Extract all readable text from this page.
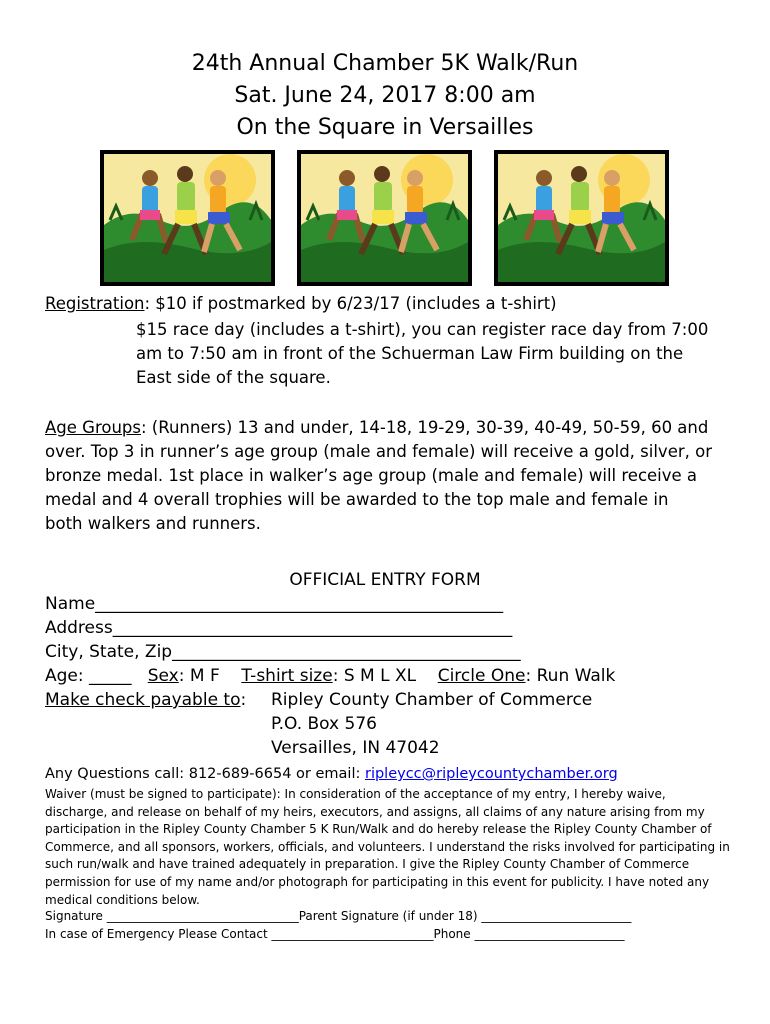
24th Annual Chamber 5K Walk/Run
Sat. June 24, 2017 8:00 am
On the Square in Versailles
Registration: $10 if postmarked by 6/23/17 (includes a t-shirt)
$15 race day (includes a t-shirt), you can register race day from 7:00
am to 7:50 am in front of the Schuerman Law Firm building on the
East side of the square.
Age Groups: (Runners) 13 and under, 14-18, 19-29, 30-39, 40-49, 50-59, 60 and
over. Top 3 in runner’s age group (male and female) will receive a gold, silver, or
bronze medal. 1st place in walker’s age group (male and female) will receive a
medal and 4 overall trophies will be awarded to the top male and female in
both walkers and runners.
OFFICIAL ENTRY FORM
Name________________________________________________
Address_______________________________________________
City, State, Zip_________________________________________
Age: _____ Sex: M F T-shirt size: S M L XL Circle One: Run Walk
Make check payable to: Ripley County Chamber of Commerce
P.O. Box 576
Versailles, IN 47042
Any Questions call: 812-689-6654 or email: ripleycc@ripleycountychamber.org
Waiver (must be signed to participate): In consideration of the acceptance of my entry, I hereby waive, discharge, and release on behalf of my heirs, executors, and assigns, all claims of any nature arising from my participation in the Ripley County Chamber 5 K Run/Walk and do hereby release the Ripley County Chamber of Commerce, and all sponsors, workers, officials, and volunteers. I understand the risks involved for participating in such run/walk and have trained adequately in preparation. I give the Ripley County Chamber of Commerce permission for use of my name and/or photograph for participating in this event for publicity. I have noted any medical conditions below.
Signature ________________________________Parent Signature (if under 18) _________________________
In case of Emergency Please Contact ___________________________Phone _________________________
